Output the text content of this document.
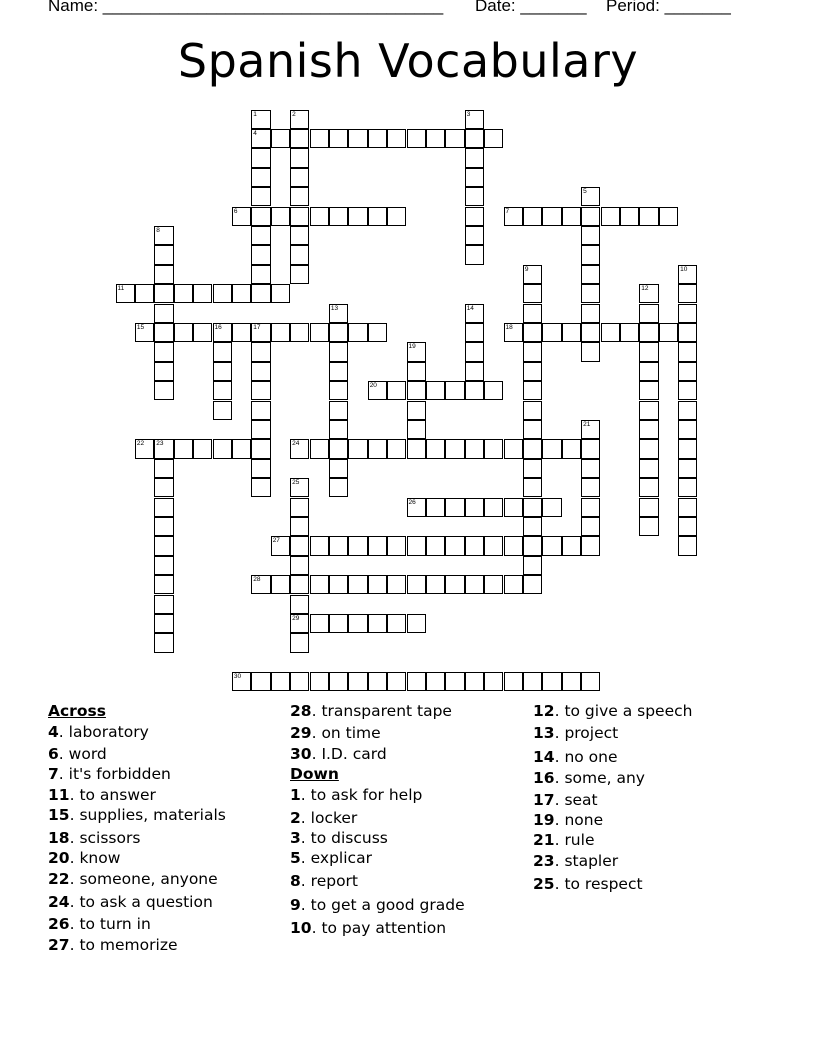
Name: ____________________________________ Date: _______ Period: _______
Spanish Vocabulary
4
6	7
11
15	16	17	18
20
22 23	24
26
27
28
29
30
1	2	3
5
8
9	10
12
13	14
19
21
25
Across
4. laboratory
6. word
7. it's forbidden
11. to answer
15. supplies, materials
18. scissors
20. know
22. someone, anyone
24. to ask a question
26. to turn in
27. to memorize
28. transparent tape
29. on time
30. I.D. card
Down
1. to ask for help
2. locker
3. to discuss
5. explicar
8. report
9. to get a good grade
10. to pay attention
12. to give a speech
13. project
14. no one
16. some, any
17. seat
19. none
21. rule
23. stapler
25. to respect
